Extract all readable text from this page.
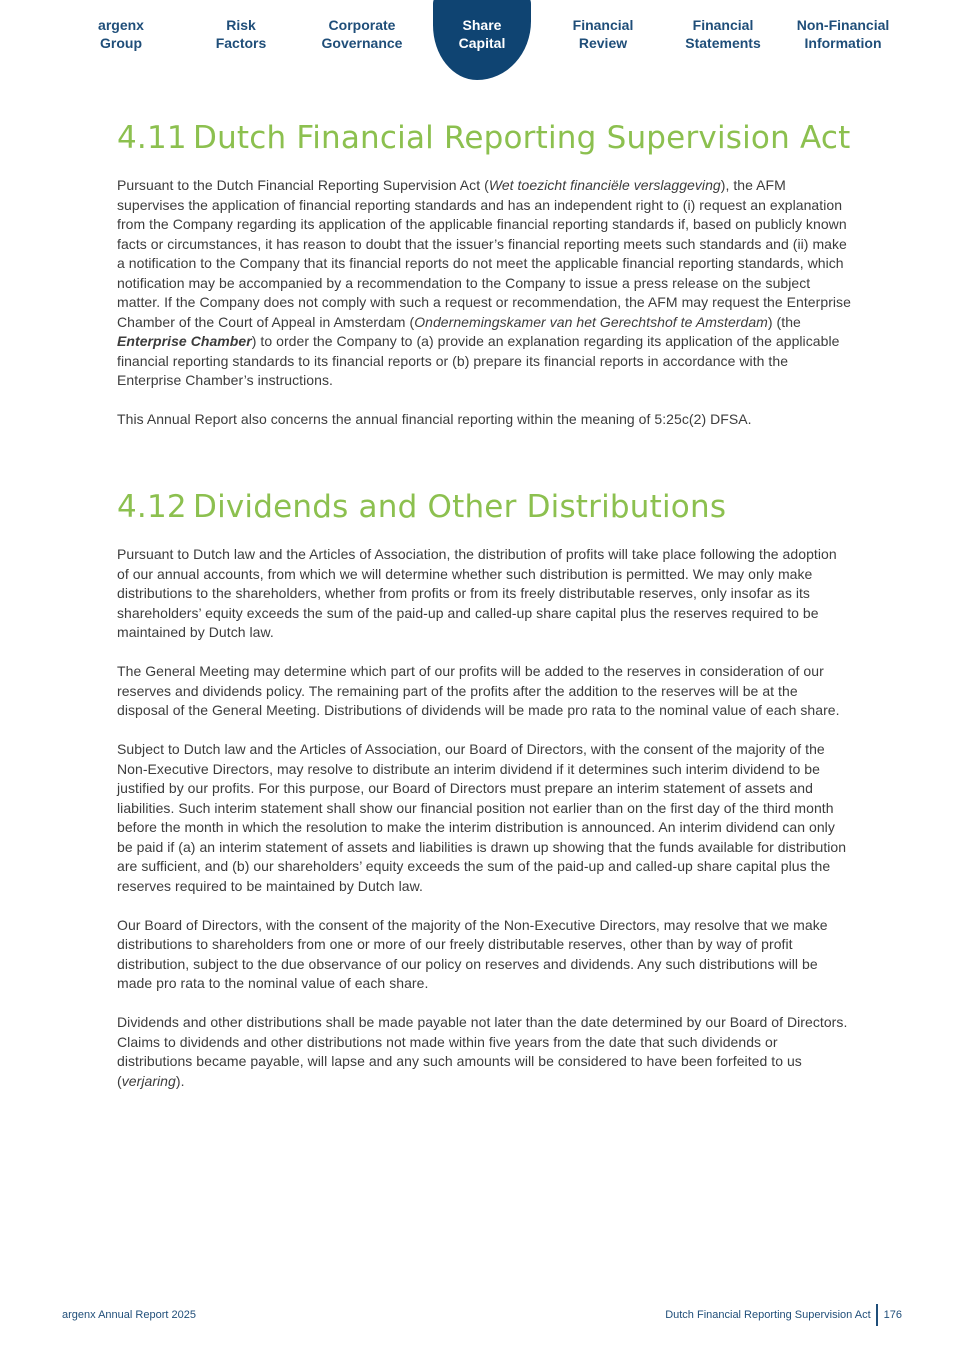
argenx
Group
Risk
Factors
Corporate
Governance
Share
Capital
Financial
Review
Financial
Statements
Non-Financial
Information
4.11 Dutch Financial Reporting Supervision Act

Pursuant to the Dutch Financial Reporting Supervision Act (Wet toezicht financiële verslaggeving), the AFM supervises the application of financial reporting standards and has an independent right to (i) request an explanation from the Company regarding its application of the applicable financial reporting standards if, based on publicly known facts or circumstances, it has reason to doubt that the issuer’s financial reporting meets such standards and (ii) make a notification to the Company that its financial reports do not meet the applicable financial reporting standards, which notification may be accompanied by a recommendation to the Company to issue a press release on the subject matter. If the Company does not comply with such a request or recommendation, the AFM may request the Enterprise Chamber of the Court of Appeal in Amsterdam (Ondernemingskamer van het Gerechtshof te Amsterdam) (the Enterprise Chamber) to order the Company to (a) provide an explanation regarding its application of the applicable financial reporting standards to its financial reports or (b) prepare its financial reports in accordance with the Enterprise Chamber’s instructions.

This Annual Report also concerns the annual financial reporting within the meaning of 5:25c(2) DFSA.

4.12 Dividends and Other Distributions

Pursuant to Dutch law and the Articles of Association, the distribution of profits will take place following the adoption of our annual accounts, from which we will determine whether such distribution is permitted. We may only make distributions to the shareholders, whether from profits or from its freely distributable reserves, only insofar as its shareholders’ equity exceeds the sum of the paid-up and called-up share capital plus the reserves required to be maintained by Dutch law.

The General Meeting may determine which part of our profits will be added to the reserves in consideration of our reserves and dividends policy. The remaining part of the profits after the addition to the reserves will be at the disposal of the General Meeting. Distributions of dividends will be made pro rata to the nominal value of each share.

Subject to Dutch law and the Articles of Association, our Board of Directors, with the consent of the majority of the Non-Executive Directors, may resolve to distribute an interim dividend if it determines such interim dividend to be justified by our profits. For this purpose, our Board of Directors must prepare an interim statement of assets and liabilities. Such interim statement shall show our financial position not earlier than on the first day of the third month before the month in which the resolution to make the interim distribution is announced. An interim dividend can only be paid if (a) an interim statement of assets and liabilities is drawn up showing that the funds available for distribution are sufficient, and (b) our shareholders’ equity exceeds the sum of the paid-up and called-up share capital plus the reserves required to be maintained by Dutch law.

Our Board of Directors, with the consent of the majority of the Non-Executive Directors, may resolve that we make distributions to shareholders from one or more of our freely distributable reserves, other than by way of profit distribution, subject to the due observance of our policy on reserves and dividends. Any such distributions will be made pro rata to the nominal value of each share.

Dividends and other distributions shall be made payable not later than the date determined by our Board of Directors. Claims to dividends and other distributions not made within five years from the date that such dividends or distributions became payable, will lapse and any such amounts will be considered to have been forfeited to us (verjaring).

argenx Annual Report 2025	Dutch Financial Reporting Supervision Act 176
